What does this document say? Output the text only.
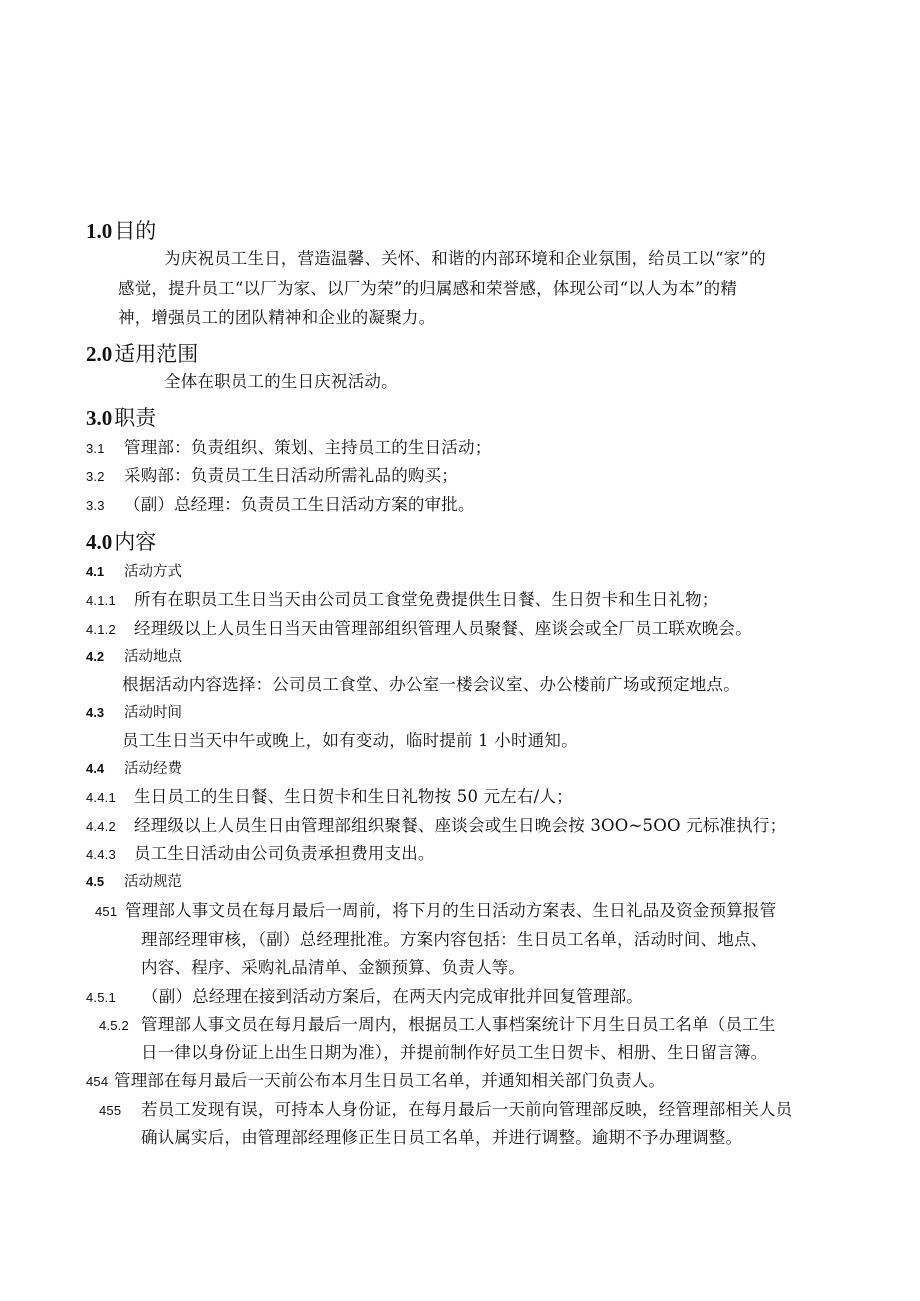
1.0目的
为庆祝员工生日，营造温馨、关怀、和谐的内部环境和企业氛围，给员工以“家”的
感觉，提升员工“以厂为家、以厂为荣”的归属感和荣誉感，体现公司“以人为本”的精
神，增强员工的团队精神和企业的凝聚力。
2.0适用范围
全体在职员工的生日庆祝活动。
3.0职责
3.1 管理部：负责组织、策划、主持员工的生日活动；
3.2 采购部：负责员工生日活动所需礼品的购买；
3.3 （副）总经理：负责员工生日活动方案的审批。
4.0内容
4.1 活动方式
4.1.1 所有在职员工生日当天由公司员工食堂免费提供生日餐、生日贺卡和生日礼物；
4.1.2 经理级以上人员生日当天由管理部组织管理人员聚餐、座谈会或全厂员工联欢晚会。
4.2 活动地点
根据活动内容选择：公司员工食堂、办公室一楼会议室、办公楼前广场或预定地点。
4.3 活动时间
员工生日当天中午或晚上，如有变动，临时提前 1 小时通知。
4.4 活动经费
4.4.1 生日员工的生日餐、生日贺卡和生日礼物按 50 元左右/人；
4.4.2 经理级以上人员生日由管理部组织聚餐、座谈会或生日晚会按 3OO~5OO 元标准执行；
4.4.3 员工生日活动由公司负责承担费用支出。
4.5 活动规范
451 管理部人事文员在每月最后一周前，将下月的生日活动方案表、生日礼品及资金预算报管
理部经理审核，（副）总经理批准。方案内容包括：生日员工名单，活动时间、地点、
内容、程序、采购礼品清单、金额预算、负责人等。
4.5.1 （副）总经理在接到活动方案后，在两天内完成审批并回复管理部。
4.5.2 管理部人事文员在每月最后一周内，根据员工人事档案统计下月生日员工名单（员工生
日一律以身份证上出生日期为准），并提前制作好员工生日贺卡、相册、生日留言簿。
454 管理部在每月最后一天前公布本月生日员工名单，并通知相关部门负责人。
455 若员工发现有误，可持本人身份证，在每月最后一天前向管理部反映，经管理部相关人员
确认属实后，由管理部经理修正生日员工名单，并进行调整。逾期不予办理调整。
